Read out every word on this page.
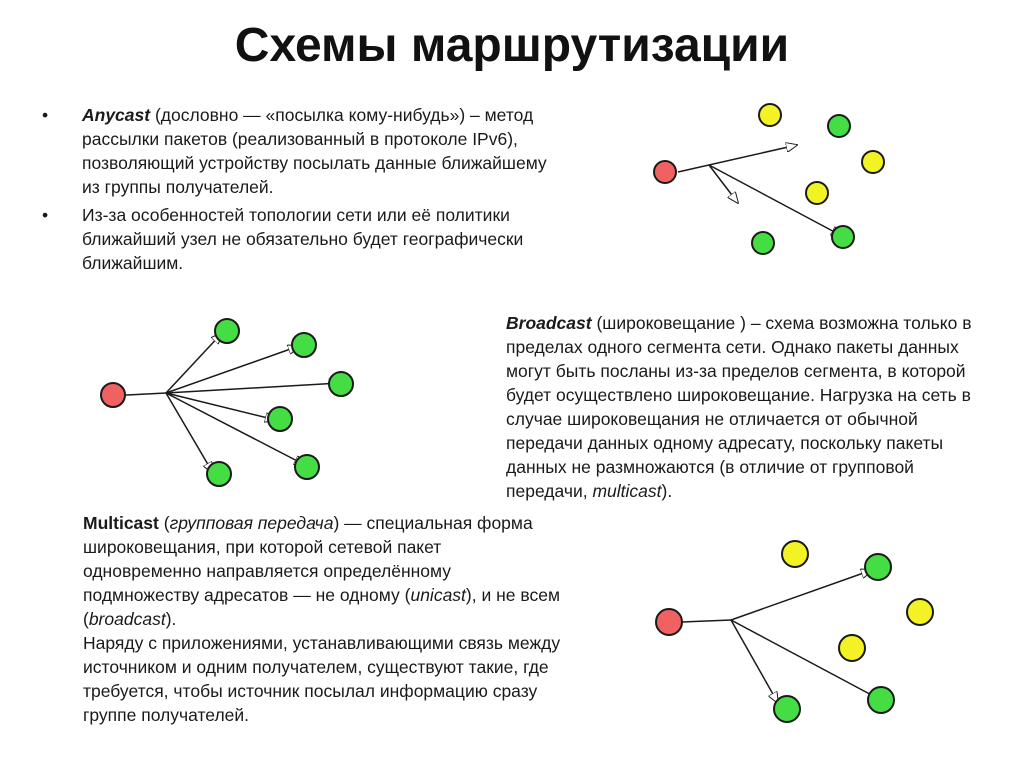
Схемы маршрутизации
• Anycast (дословно — «посылка кому-нибудь») – метод рассылки пакетов (реализованный в протоколе IPv6), позволяющий устройству посылать данные ближайшему из группы получателей.
• Из-за особенностей топологии сети или её политики ближайший узел не обязательно будет географически ближайшим.
Broadcast (широковещание ) – схема возможна только в пределах одного сегмента сети. Однако пакеты данных могут быть посланы из-за пределов сегмента, в которой будет осуществлено широковещание. Нагрузка на сеть в случае широковещания не отличается от обычной передачи данных одному адресату, поскольку пакеты данных не размножаются (в отличие от групповой передачи, multicast).
Multicast (групповая передача) — специальная форма широковещания, при которой сетевой пакет одновременно направляется определённому подмножеству адресатов — не одному (unicast), и не всем (broadcast).
Наряду с приложениями, устанавливающими связь между источником и одним получателем, существуют такие, где требуется, чтобы источник посылал информацию сразу группе получателей.
